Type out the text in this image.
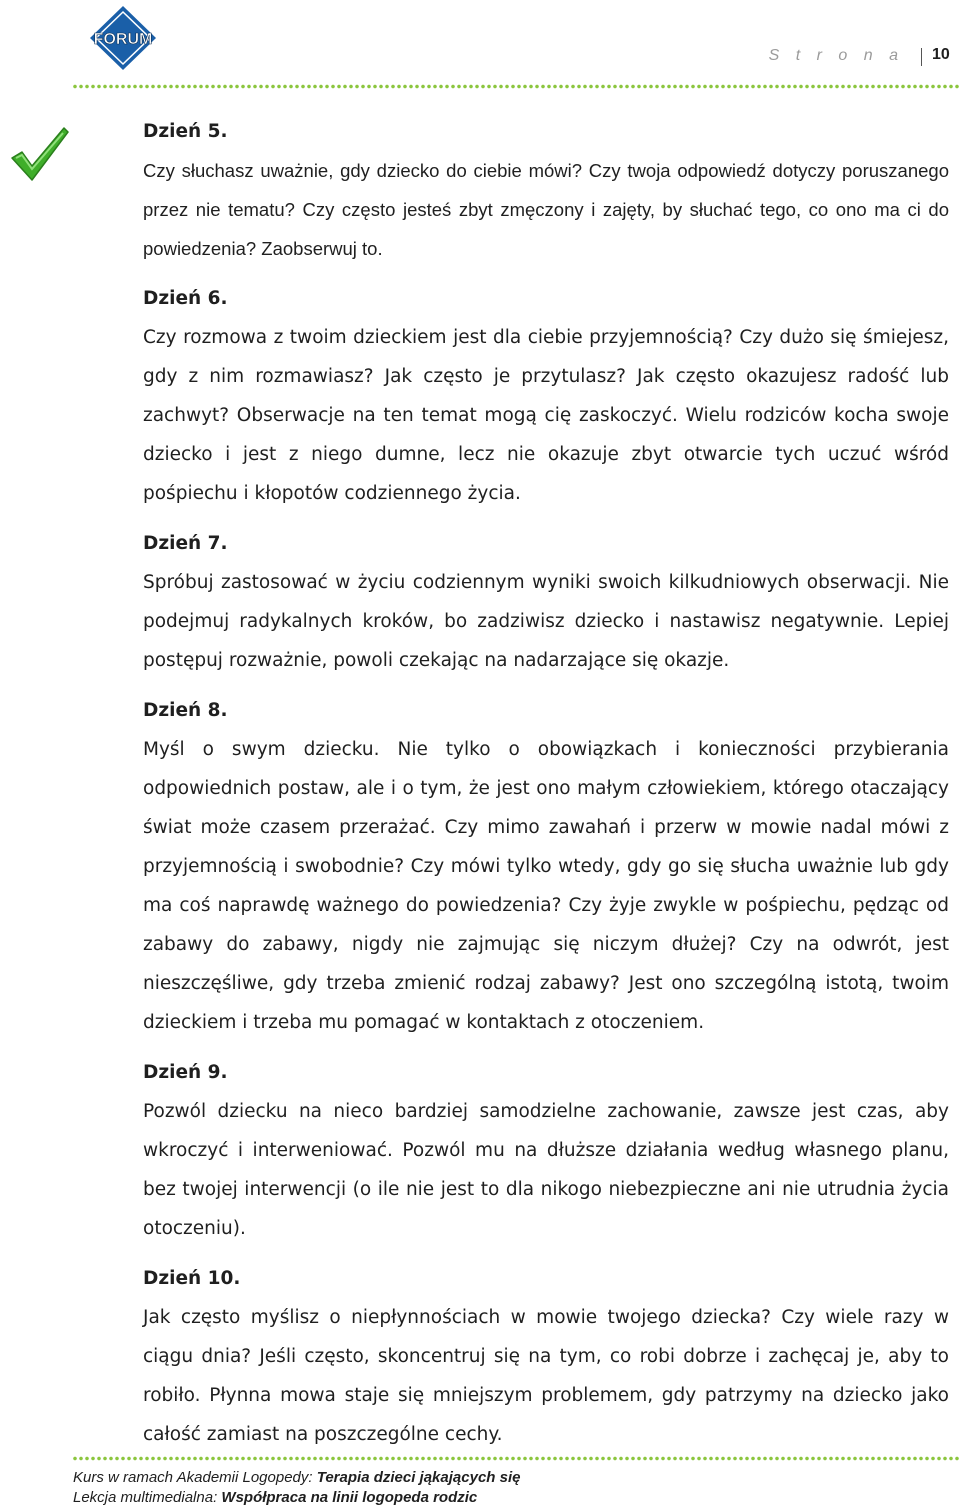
FORUM
S t r o n a 10

Dzień 5.

Czy słuchasz uważnie, gdy dziecko do ciebie mówi? Czy twoja odpowiedź dotyczy poruszanego przez nie tematu? Czy często jesteś zbyt zmęczony i zajęty, by słuchać tego, co ono ma ci do powiedzenia? Zaobserwuj to.

Dzień 6.

Czy rozmowa z twoim dzieckiem jest dla ciebie przyjemnością? Czy dużo się śmiejesz, gdy z nim rozmawiasz? Jak często je przytulasz? Jak często okazujesz radość lub zachwyt? Obserwacje na ten temat mogą cię zaskoczyć. Wielu rodziców kocha swoje dziecko i jest z niego dumne, lecz nie okazuje zbyt otwarcie tych uczuć wśród pośpiechu i kłopotów codziennego życia.

Dzień 7.

Spróbuj zastosować w życiu codziennym wyniki swoich kilkudniowych obserwacji. Nie podejmuj radykalnych kroków, bo zadziwisz dziecko i nastawisz negatywnie. Lepiej postępuj rozważnie, powoli czekając na nadarzające się okazje.

Dzień 8.

Myśl o swym dziecku. Nie tylko o obowiązkach i konieczności przybierania odpowiednich postaw, ale i o tym, że jest ono małym człowiekiem, którego otaczający świat może czasem przerażać. Czy mimo zawahań i przerw w mowie nadal mówi z przyjemnością i swobodnie? Czy mówi tylko wtedy, gdy go się słucha uważnie lub gdy ma coś naprawdę ważnego do powiedzenia? Czy żyje zwykle w pośpiechu, pędząc od zabawy do zabawy, nigdy nie zajmując się niczym dłużej? Czy na odwrót, jest nieszczęśliwe, gdy trzeba zmienić rodzaj zabawy? Jest ono szczególną istotą, twoim dzieckiem i trzeba mu pomagać w kontaktach z otoczeniem.

Dzień 9.

Pozwól dziecku na nieco bardziej samodzielne zachowanie, zawsze jest czas, aby wkroczyć i interweniować. Pozwól mu na dłuższe działania według własnego planu, bez twojej interwencji (o ile nie jest to dla nikogo niebezpieczne ani nie utrudnia życia otoczeniu).

Dzień 10.

Jak często myślisz o niepłynnościach w mowie twojego dziecka? Czy wiele razy w ciągu dnia? Jeśli często, skoncentruj się na tym, co robi dobrze i zachęcaj je, aby to robiło. Płynna mowa staje się mniejszym problemem, gdy patrzymy na dziecko jako całość zamiast na poszczególne cechy.

Kurs w ramach Akademii Logopedy: Terapia dzieci jąkających się
Lekcja multimedialna: Współpraca na linii logopeda rodzic
